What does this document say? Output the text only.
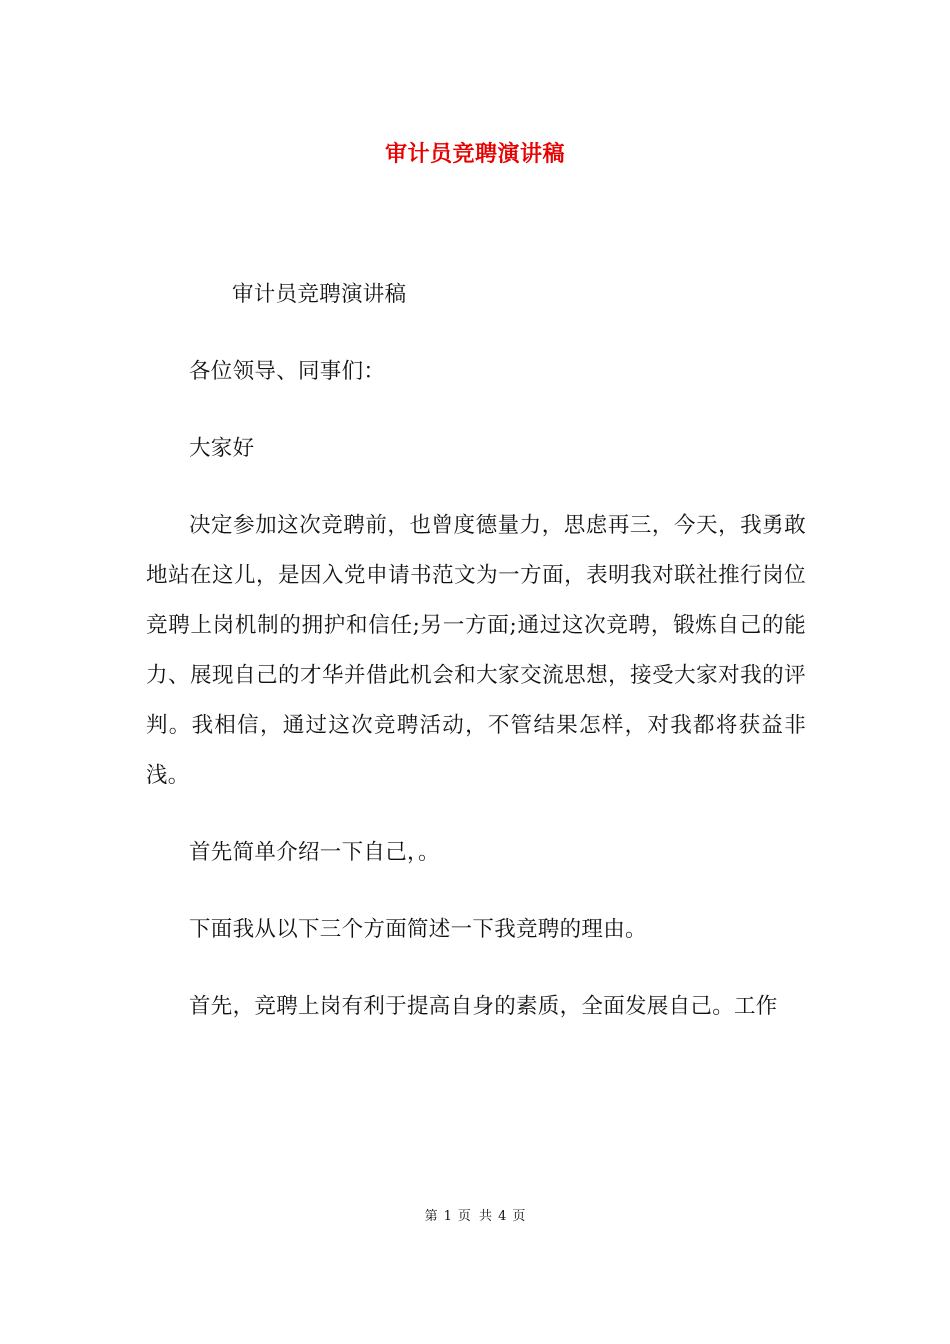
审计员竞聘演讲稿

审计员竞聘演讲稿

各位领导、同事们：

大家好

决定参加这次竞聘前，也曾度德量力，思虑再三，今天，我勇敢地站在这儿，是因入党申请书范文为一方面，表明我对联社推行岗位竞聘上岗机制的拥护和信任;另一方面;通过这次竞聘，锻炼自己的能力、展现自己的才华并借此机会和大家交流思想，接受大家对我的评判。我相信，通过这次竞聘活动，不管结果怎样，对我都将获益非浅。

首先简单介绍一下自己，。

下面我从以下三个方面简述一下我竞聘的理由。

首先，竞聘上岗有利于提高自身的素质，全面发展自己。工作

第 1 页 共 4 页
